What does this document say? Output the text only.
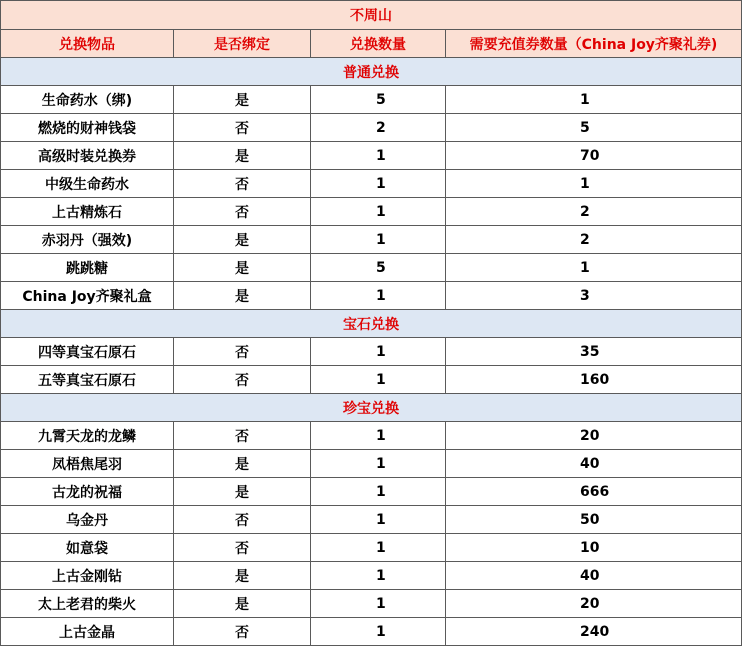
不周山			
兑换物品	是否绑定	兑换数量	需要充值券数量（China Joy齐聚礼券)
普通兑换			
生命药水（绑)	是	5	1
燃烧的财神钱袋	否	2	5
高级时装兑换券	是	1	70
中级生命药水	否	1	1
上古精炼石	否	1	2
赤羽丹（强效)	是	1	2
跳跳糖	是	5	1
China Joy齐聚礼盒	是	1	3
宝石兑换			
四等真宝石原石	否	1	35
五等真宝石原石	否	1	160
珍宝兑换			
九霄天龙的龙鳞	否	1	20
凤梧焦尾羽	是	1	40
古龙的祝福	是	1	666
乌金丹	否	1	50
如意袋	否	1	10
上古金刚钻	是	1	40
太上老君的柴火	是	1	20
上古金晶	否	1	240
